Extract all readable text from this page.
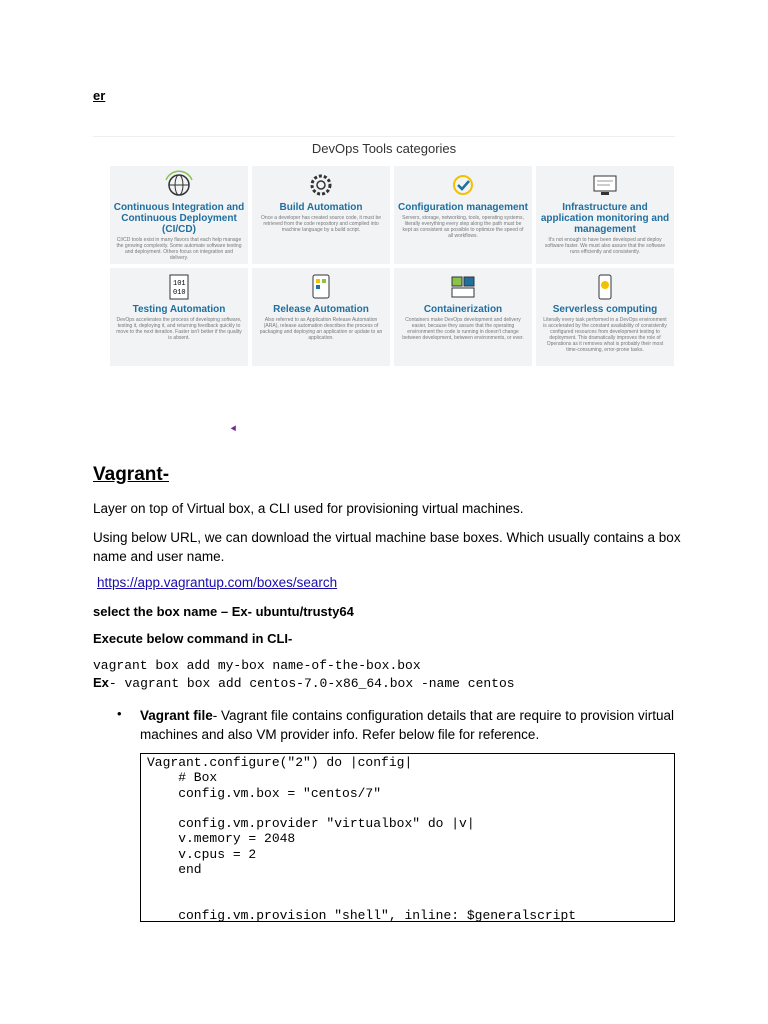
er
DevOps Tools categories
Continuous Integration and Continuous Deployment (CI/CD)
CI/CD tools exist in many flavors that each help manage the growing complexity. Some automate software testing and deployment. Others focus on integration and delivery.
Build Automation
Once a developer has created source code, it must be retrieved from the code repository and compiled into machine language by a build script.
Configuration management
Servers, storage, networking, tools, operating systems, literally everything every step along the path must be kept as consistent as possible to optimize the speed of all workflows.
Infrastructure and application monitoring and management
It's not enough to have been developed and deploy software faster. We must also assure that the software runs efficiently and consistently.
101
010
Testing Automation
DevOps accelerates the process of developing software, testing it, deploying it, and returning feedback quickly to move to the next iteration. Faster isn't better if the quality is absent.
Release Automation
Also referred to as Application Release Automation (ARA), release automation describes the process of packaging and deploying an application or update to an application.
Containerization
Containers make DevOps development and delivery easier, because they assure that the operating environment the code is running in doesn't change between development, between environments, or ever.
Serverless computing
Literally every task performed in a DevOps environment is accelerated by the constant availability of consistently configured resources from development testing to deployment. This dramatically improves the role of Operations as it removes what is probably their most time-consuming, error-prone tasks.
Vagrant-
Layer on top of Virtual box, a CLI used for provisioning virtual machines.
Using below URL, we can download the virtual machine base boxes. Which usually contains a box name and user name.
https://app.vagrantup.com/boxes/search
select the box name – Ex- ubuntu/trusty64
Execute below command in CLI-
vagrant box add my-box name-of-the-box.box
Ex- vagrant box add centos-7.0-x86_64.box -name centos
• Vagrant file- Vagrant file contains configuration details that are require to provision virtual machines and also VM provider info. Refer below file for reference.
Vagrant.configure("2") do |config|
# Box
config.vm.box = "centos/7"

config.vm.provider "virtualbox" do |v|
v.memory = 2048
v.cpus = 2
end

config.vm.provision "shell", inline: $generalscript
